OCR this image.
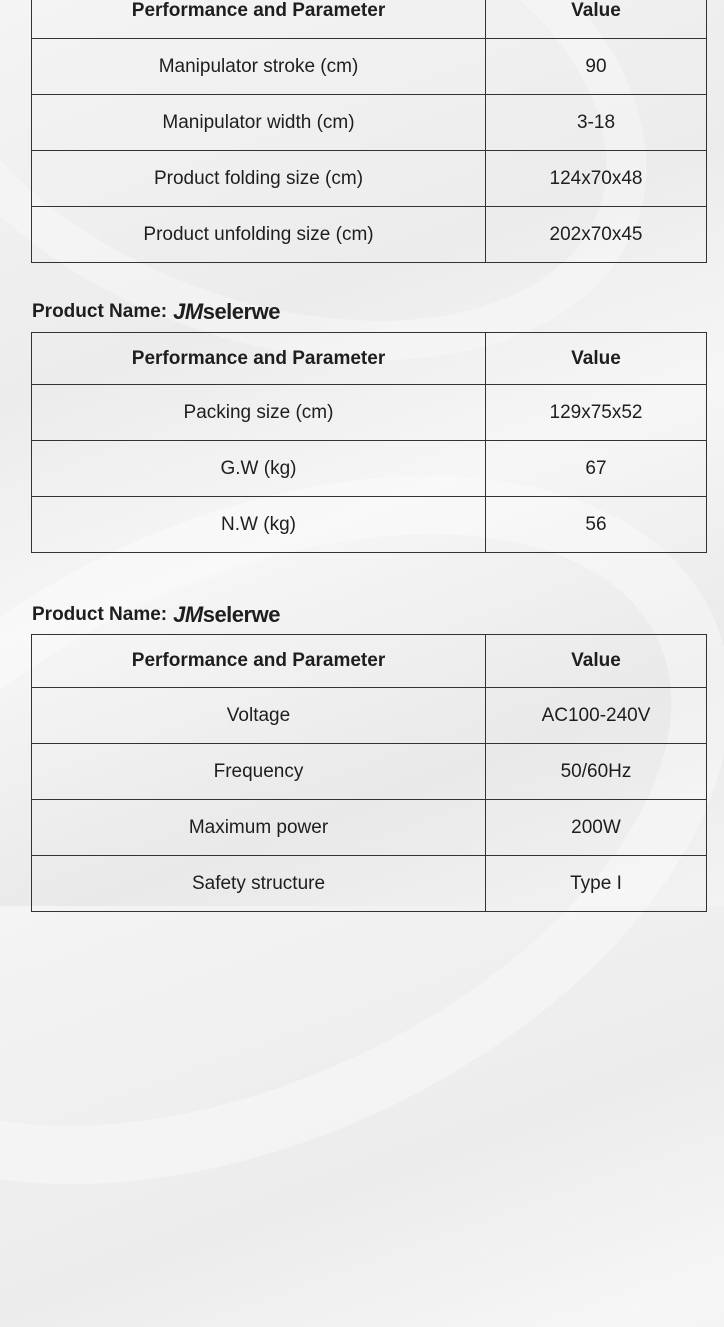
Performance and Parameter	Value
Manipulator stroke (cm)	90
Manipulator width (cm)	3-18
Product folding size (cm)	124x70x48
Product unfolding size (cm)	202x70x45
Product Name: JM selerwe
Performance and Parameter	Value
Packing size (cm)	129x75x52
G.W (kg)	67
N.W (kg)	56
Product Name: JM selerwe
Performance and Parameter	Value
Voltage	AC100-240V
Frequency	50/60Hz
Maximum power	200W
Safety structure	Type I
